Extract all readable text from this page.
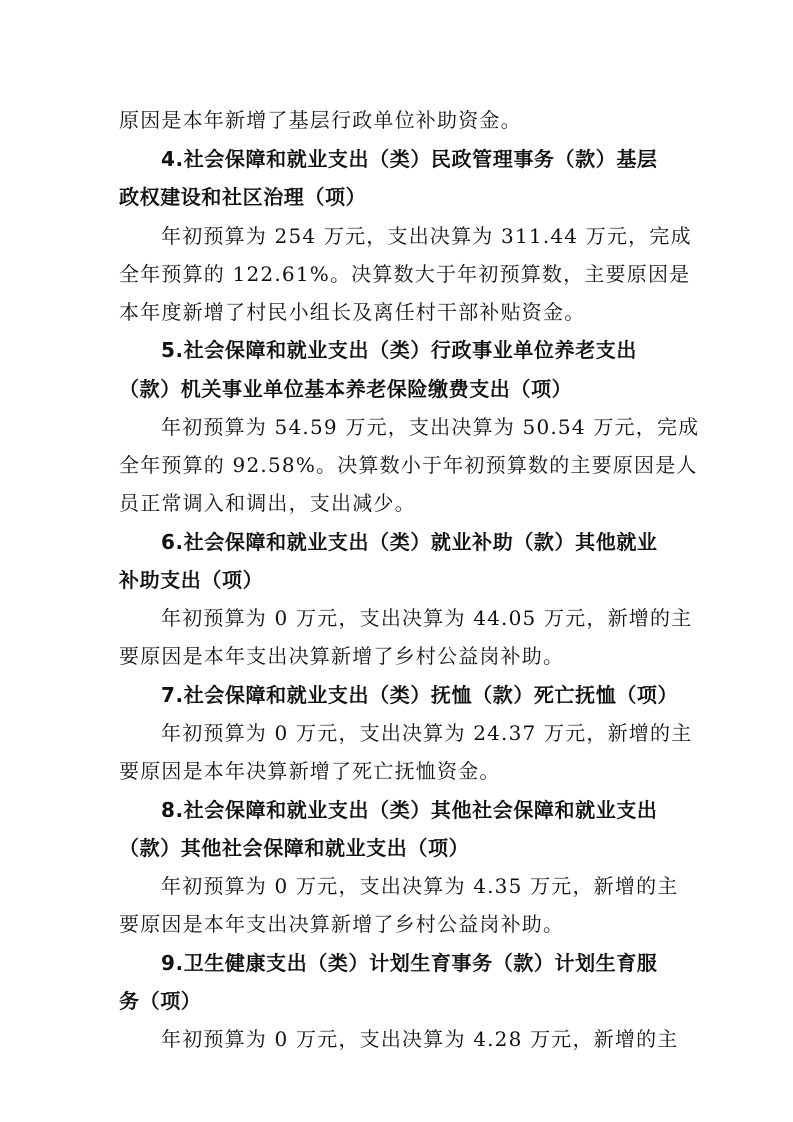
原因是本年新增了基层行政单位补助资金。
4.社会保障和就业支出（类）民政管理事务（款）基层
政权建设和社区治理（项）
年初预算为 254 万元，支出决算为 311.44 万元，完成
全年预算的 122.61%。决算数大于年初预算数，主要原因是
本年度新增了村民小组长及离任村干部补贴资金。
5.社会保障和就业支出（类）行政事业单位养老支出
（款）机关事业单位基本养老保险缴费支出（项）
年初预算为 54.59 万元，支出决算为 50.54 万元，完成
全年预算的 92.58%。决算数小于年初预算数的主要原因是人
员正常调入和调出，支出减少。
6.社会保障和就业支出（类）就业补助（款）其他就业
补助支出（项）
年初预算为 0 万元，支出决算为 44.05 万元，新增的主
要原因是本年支出决算新增了乡村公益岗补助。
7.社会保障和就业支出（类）抚恤（款）死亡抚恤（项）
年初预算为 0 万元，支出决算为 24.37 万元，新增的主
要原因是本年决算新增了死亡抚恤资金。
8.社会保障和就业支出（类）其他社会保障和就业支出
（款）其他社会保障和就业支出（项）
年初预算为 0 万元，支出决算为 4.35 万元，新增的主
要原因是本年支出决算新增了乡村公益岗补助。
9.卫生健康支出（类）计划生育事务（款）计划生育服
务（项）
年初预算为 0 万元，支出决算为 4.28 万元，新增的主
